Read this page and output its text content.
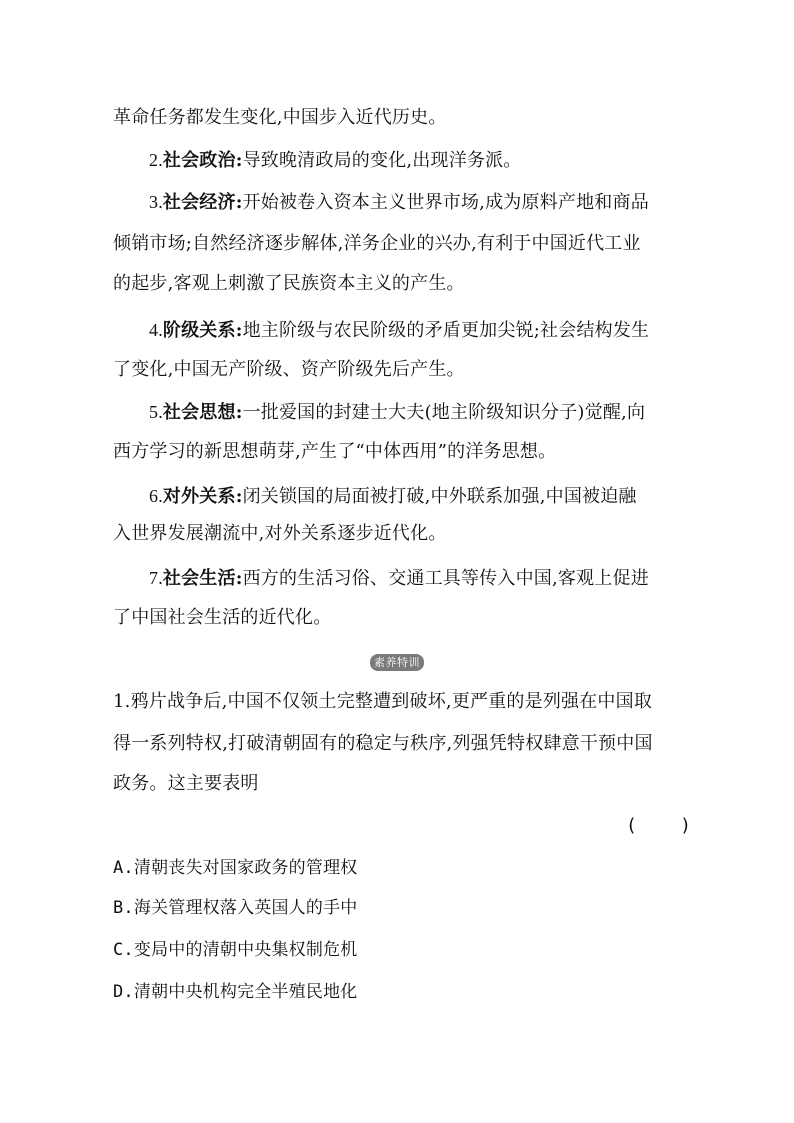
革命任务都发生变化,中国步入近代历史。
2.社会政治:导致晚清政局的变化,出现洋务派。
3.社会经济:开始被卷入资本主义世界市场,成为原料产地和商品
倾销市场;自然经济逐步解体,洋务企业的兴办,有利于中国近代工业
的起步,客观上刺激了民族资本主义的产生。
4.阶级关系:地主阶级与农民阶级的矛盾更加尖锐;社会结构发生
了变化,中国无产阶级、资产阶级先后产生。
5.社会思想:一批爱国的封建士大夫(地主阶级知识分子)觉醒,向
西方学习的新思想萌芽,产生了“中体西用”的洋务思想。
6.对外关系:闭关锁国的局面被打破,中外联系加强,中国被迫融
入世界发展潮流中,对外关系逐步近代化。
7.社会生活:西方的生活习俗、交通工具等传入中国,客观上促进
了中国社会生活的近代化。
素养特训
1.鸦片战争后,中国不仅领土完整遭到破坏,更严重的是列强在中国取
得一系列特权,打破清朝固有的稳定与秩序,列强凭特权肆意干预中国
政务。这主要表明
(    )
A.清朝丧失对国家政务的管理权
B.海关管理权落入英国人的手中
C.变局中的清朝中央集权制危机
D.清朝中央机构完全半殖民地化
